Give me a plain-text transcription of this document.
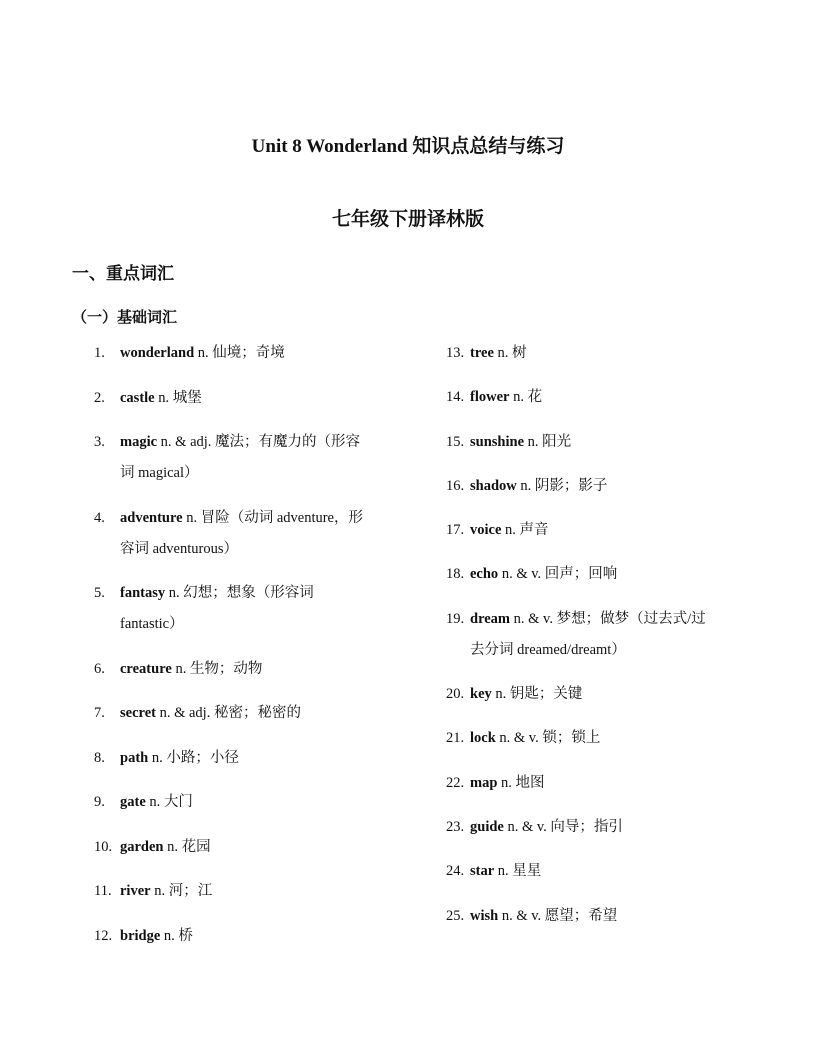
Unit 8 Wonderland 知识点总结与练习
七年级下册译林版
一、重点词汇
（一）基础词汇
1. wonderland n. 仙境；奇境
2. castle n. 城堡
3. magic n. & adj. 魔法；有魔力的（形容
词 magical）
4. adventure n. 冒险（动词 adventure，形
容词 adventurous）
5. fantasy n. 幻想；想象（形容词
fantastic）
6. creature n. 生物；动物
7. secret n. & adj. 秘密；秘密的
8. path n. 小路；小径
9. gate n. 大门
10. garden n. 花园
11. river n. 河；江
12. bridge n. 桥
13. tree n. 树
14. flower n. 花
15. sunshine n. 阳光
16. shadow n. 阴影；影子
17. voice n. 声音
18. echo n. & v. 回声；回响
19. dream n. & v. 梦想；做梦（过去式/过
去分词 dreamed/dreamt）
20. key n. 钥匙；关键
21. lock n. & v. 锁；锁上
22. map n. 地图
23. guide n. & v. 向导；指引
24. star n. 星星
25. wish n. & v. 愿望；希望
